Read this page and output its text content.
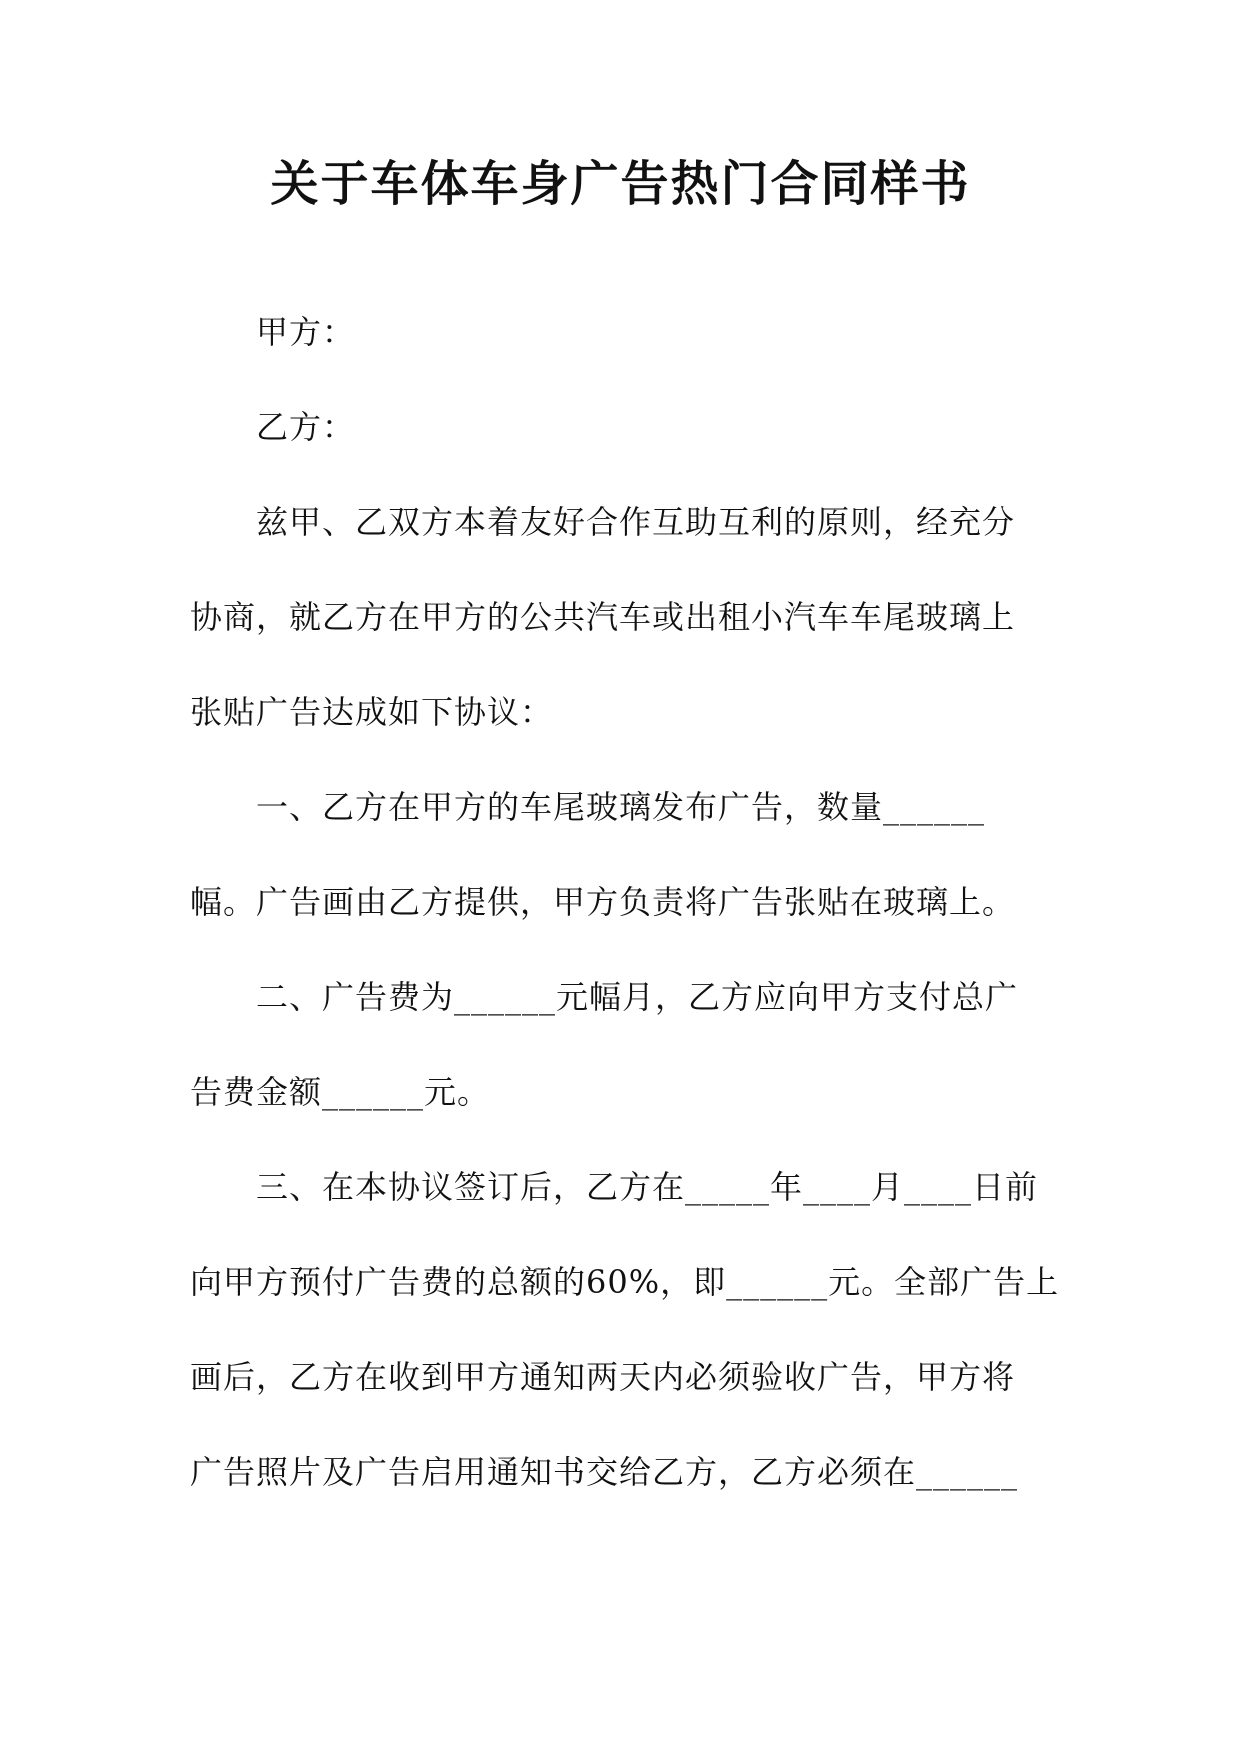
关于车体车身广告热门合同样书
甲方：
乙方：
兹甲、乙双方本着友好合作互助互利的原则，经充分
协商，就乙方在甲方的公共汽车或出租小汽车车尾玻璃上
张贴广告达成如下协议：
一、乙方在甲方的车尾玻璃发布广告，数量______
幅。广告画由乙方提供，甲方负责将广告张贴在玻璃上。
二、广告费为______元幅月，乙方应向甲方支付总广
告费金额______元。
三、在本协议签订后，乙方在_____年____月____日前
向甲方预付广告费的总额的60%，即______元。全部广告上
画后，乙方在收到甲方通知两天内必须验收广告，甲方将
广告照片及广告启用通知书交给乙方，乙方必须在______
